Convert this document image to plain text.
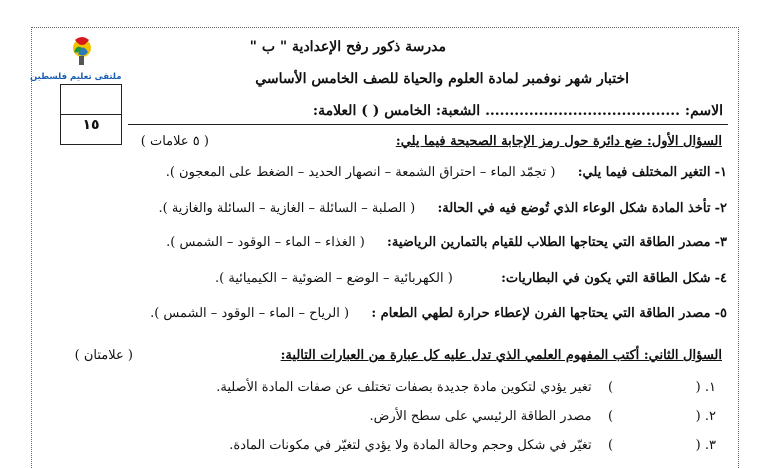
ملتقى تعليم فلسطين
١٥
مدرسة ذكور رفح الإعدادية " ب "
اختبار شهر نوفمبر لمادة العلوم والحياة للصف الخامس الأساسي
الاسم: ........................................ الشعبة: الخامس ( ) العلامة:
السؤال الأول: ضع دائرة حول رمز الإجابة الصحيحة فيما يلي:
( ٥ علامات )
١- التغير المختلف فيما يلي:  ( تجمّد الماء – احتراق الشمعة – انصهار الحديد – الضغط على المعجون ).
٢- تأخذ المادة شكل الوعاء الذي تُوضع فيه في الحالة:  ( الصلبة – السائلة – الغازية – السائلة والغازية ).
٣- مصدر الطاقة التي يحتاجها الطلاب للقيام بالتمارين الرياضية:  ( الغذاء – الماء – الوقود – الشمس ).
٤- شكل الطاقة التي يكون في البطاريات:  ( الكهربائية – الوضع – الضوئية – الكيميائية ).
٥- مصدر الطاقة التي يحتاجها الفرن لإعطاء حرارة لطهي الطعام :  ( الرياح – الماء – الوقود – الشمس ).
السؤال الثاني: أكتب المفهوم العلمي الذي تدل عليه كل عبارة من العبارات التالية:
( علامتان )
١. (                    )  تغير يؤدي لتكوين مادة جديدة بصفات تختلف عن صفات المادة الأصلية.
٢. (                    )  مصدر الطاقة الرئيسي على سطح الأرض.
٣. (                    )  تغيّر في شكل وحجم وحالة المادة ولا يؤدي لتغيّر في مكونات المادة.
